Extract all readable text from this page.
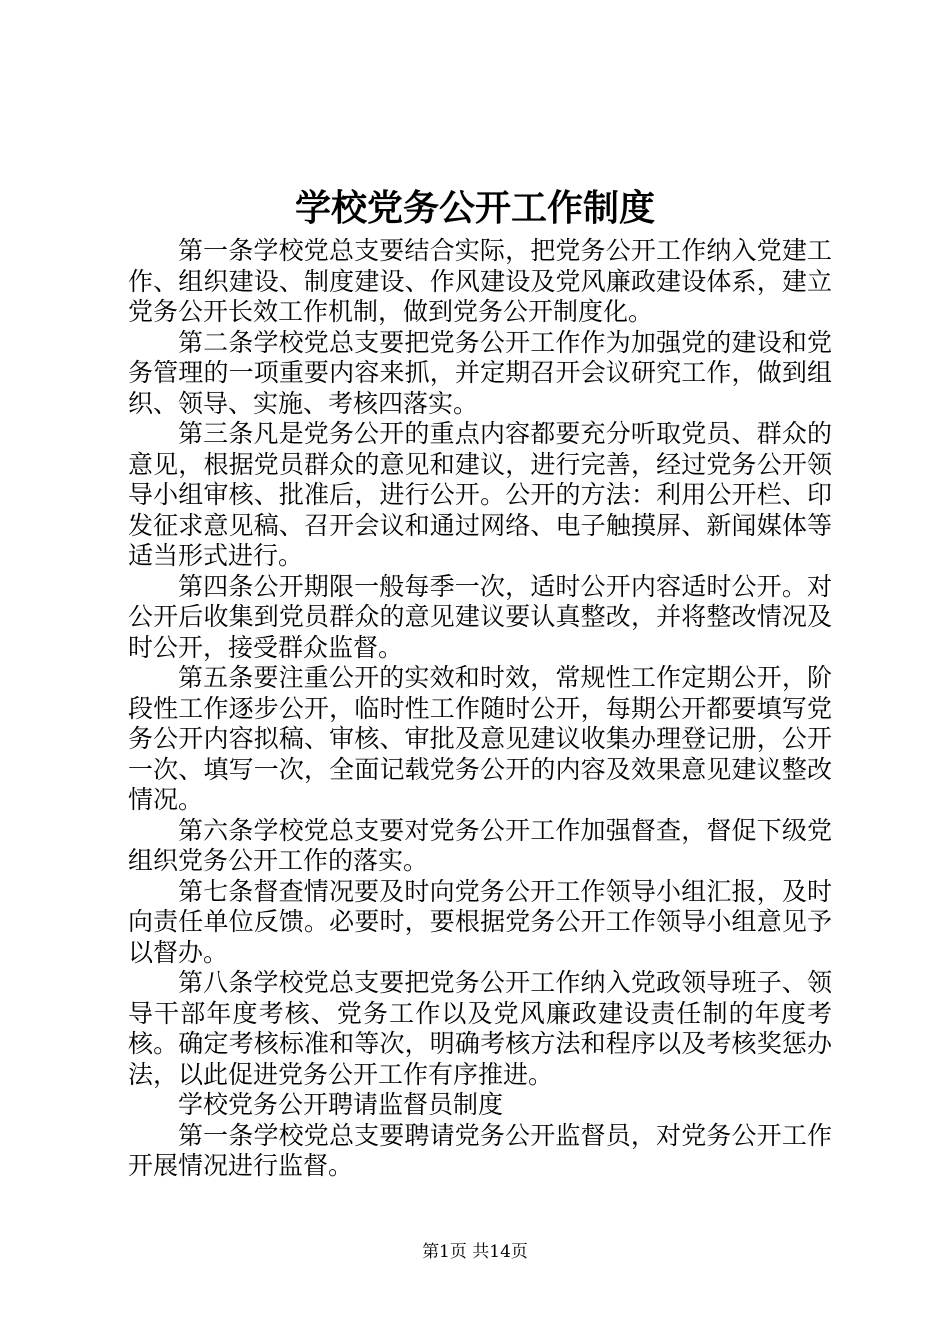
学校党务公开工作制度

第一条学校党总支要结合实际，把党务公开工作纳入党建工作、组织建设、制度建设、作风建设及党风廉政建设体系，建立党务公开长效工作机制，做到党务公开制度化。

第二条学校党总支要把党务公开工作作为加强党的建设和党务管理的一项重要内容来抓，并定期召开会议研究工作，做到组织、领导、实施、考核四落实。

第三条凡是党务公开的重点内容都要充分听取党员、群众的意见，根据党员群众的意见和建议，进行完善，经过党务公开领导小组审核、批准后，进行公开。公开的方法：利用公开栏、印发征求意见稿、召开会议和通过网络、电子触摸屏、新闻媒体等适当形式进行。

第四条公开期限一般每季一次，适时公开内容适时公开。对公开后收集到党员群众的意见建议要认真整改，并将整改情况及时公开，接受群众监督。

第五条要注重公开的实效和时效，常规性工作定期公开，阶段性工作逐步公开，临时性工作随时公开，每期公开都要填写党务公开内容拟稿、审核、审批及意见建议收集办理登记册，公开一次、填写一次，全面记载党务公开的内容及效果意见建议整改情况。

第六条学校党总支要对党务公开工作加强督查，督促下级党组织党务公开工作的落实。

第七条督查情况要及时向党务公开工作领导小组汇报，及时向责任单位反馈。必要时，要根据党务公开工作领导小组意见予以督办。

第八条学校党总支要把党务公开工作纳入党政领导班子、领导干部年度考核、党务工作以及党风廉政建设责任制的年度考核。确定考核标准和等次，明确考核方法和程序以及考核奖惩办法，以此促进党务公开工作有序推进。

学校党务公开聘请监督员制度

第一条学校党总支要聘请党务公开监督员，对党务公开工作开展情况进行监督。

第1页 共14页
